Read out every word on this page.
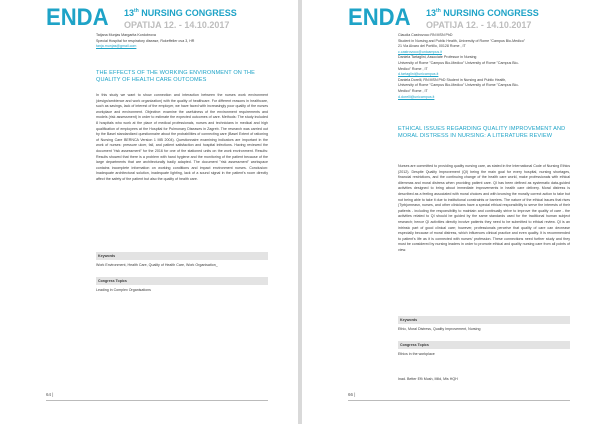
ENDA 13th NURSING CONGRESS
OPATIJA 12. - 14.10.2017
Tatjana Munjas Margarita Kordobrova
Special Hospital for respiratory disease, Rokeffeller ova 3, HR
tanja.munjas@gmail.com
THE EFFECTS OF THE WORKING ENVIRONMENT ON THE QUALITY OF HEALTH CARE OUTCOMES
In this study we want to show connection and interaction between the nurses work environment (design/ambience and work organization) with the quality of healthcare. For different reasons in healthcare, such as savings, lack of interest of the employer, we have faced with increasingly poor quality of the nurses workplace and environment. Objective: examine the usefulness of the environment requirements and models (risk assessment) in order to estimate the expected outcomes of care. Methods: The study included 8 hospitals who work at the place of medical professionals, nurses and technicians in medical and high qualification of employees at the Hospital for Pulmonary Diseases in Zagreb. The research was carried out by the Basel standardized questionnaire about the probabilities of connecting care (Basel Extent of rationing of Nursing Care BERNCA Version 1 MB 2004). Questionnaire examining indicators are important in the work of nurses: pressure ulcer, fall, and patient satisfaction and hospital infections. Having reviewed the document "risk assessment" for the 2016 for one of the stationed units on the work environment. Results: Results showed that there is a problem with hand hygiene and the monitoring of the patient because of the large departments that are architecturally badly adapted. The document "risk assessment" workspace contains incomplete information on working conditions and impact environment nurses. Conclusion: Inadequate architectural solution, inadequate lighting, lack of a sound signal in the patient's room directly affect the safety of the patient but also the quality of health care.
Keywords
Work Environment, Health Care, Quality of Health Care, Work Organisation_
Congress Topics
Leading in Complex Organisations
64 |
ENDA 13th NURSING CONGRESS
OPATIJA 12. - 14.10.2017
Claudia Castrovoco RN MSN PhD
Student in Nursing and Public Health, University of Rome "Campus Bio-Medico"
21 Via Alvaro del Portillo, 00128 Rome , IT
c.castrovoco@unicampus.it
Daniela Tartaglini, Associate Professor in Nursing
University of Rome "Campus Bio-Medico" University of Rome "Campus Bio-
Medico" Rome , IT
d.tartaglini@unicampus.it
Daniela Dorelli, RN MSN PhD Student in Nursing and Public Health,
University of Rome "Campus Bio-Medico" University of Rome "Campus Bio-
Medico" Rome , IT
d.dorelli@unicampus.it
ETHICAL ISSUES REGARDING QUALITY IMPROVEMENT AND MORAL DISTRESS IN NURSING: A LITERATURE REVIEW
Nurses are committed to providing quality nursing care, as stated in the International Code of Nursing Ethics (2012). Despite Quality Improvement (QI) being the main goal for every hospital, nursing shortages, financial restrictions, and the continuing change of the health care world, make professionals with ethical dilemmas and moral distress when providing patient care. QI has been defined as systematic data-guided activities designed to bring about immediate improvements in health care delivery. Moral distress is described as a feeling associated with moral choices and with knowing the morally correct action to take but not being able to take it due to institutional constraints or barriers. The nature of the ethical issues that rises (Tyrbjorneasn, nurses, and other clinicians have a special ethical responsibility to serve the interests of their patients - including the responsibility to maintain and continually strive to improve the quality of care - the activities related to QI should be guided by the same standards used for the traditional human subject research; hence QI activities directly involve patients they need to be submitted to ethical review. QI is an intrinsic part of good clinical care; however, professionals perceive that quality of care can decrease especially because of moral distress, which influences clinical practice and even quality. It is recommended to patient's life as it is connected with nurses' profession. These connections need further study and they must be considered by nursing leaders in order to promote ethical and quality nursing care from all points of view.
Keywords
Ethic, Moral Distress, Quality Improvement, Nursing
Congress Topics
Ethics in the workplace
Inad. Better Efi\ Mush, Mild, Mis HQH
66 |
